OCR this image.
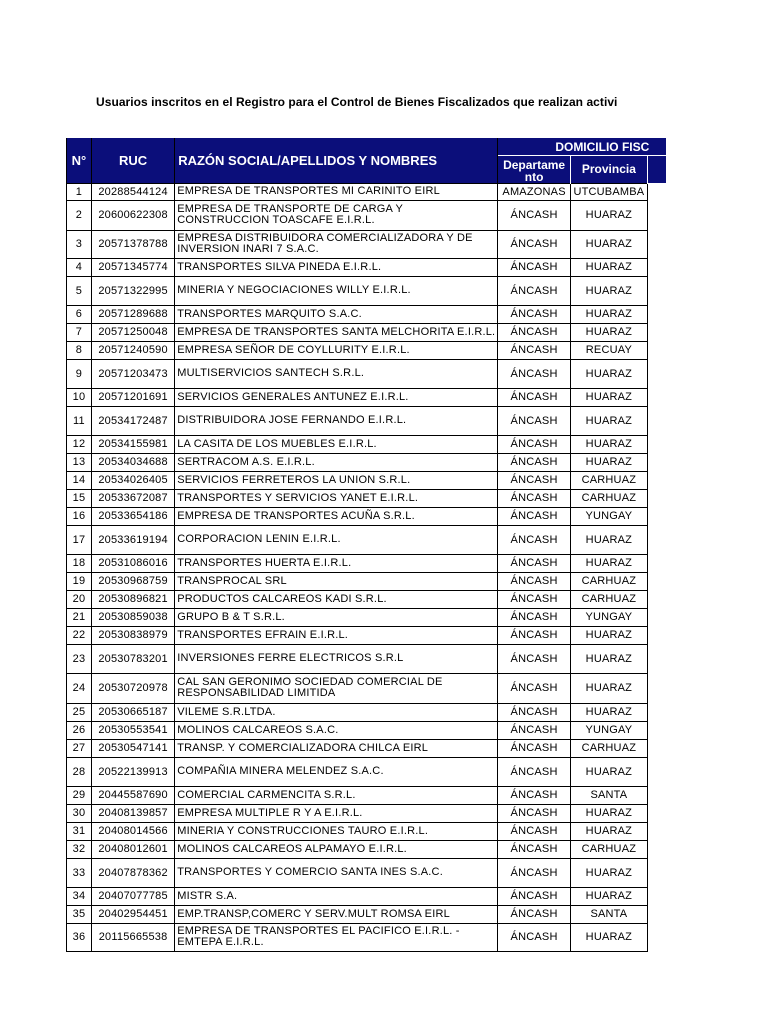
Usuarios inscritos en el Registro para el Control de Bienes Fiscalizados que realizan activi
N°	RUC	RAZÓN SOCIAL/APELLIDOS Y NOMBRES	DOMICILIO FISC		
			Departame nto	Provincia	
1	20288544124	EMPRESA DE TRANSPORTES MI CARINITO EIRL	AMAZONAS	UTCUBAMBA	
2	20600622308	EMPRESA DE TRANSPORTE DE CARGA Y CONSTRUCCION TOASCAFE E.I.R.L.	ÁNCASH	HUARAZ	
3	20571378788	EMPRESA DISTRIBUIDORA COMERCIALIZADORA Y DE INVERSION INARI 7 S.A.C.	ÁNCASH	HUARAZ	
4	20571345774	TRANSPORTES SILVA PINEDA E.I.R.L.	ÁNCASH	HUARAZ	
5	20571322995	MINERIA Y NEGOCIACIONES WILLY E.I.R.L.	ÁNCASH	HUARAZ	
6	20571289688	TRANSPORTES MARQUITO S.A.C.	ÁNCASH	HUARAZ	
7	20571250048	EMPRESA DE TRANSPORTES SANTA MELCHORITA E.I.R.L.	ÁNCASH	HUARAZ	
8	20571240590	EMPRESA SEÑOR DE COYLLURITY E.I.R.L.	ÁNCASH	RECUAY	
9	20571203473	MULTISERVICIOS SANTECH S.R.L.	ÁNCASH	HUARAZ	
10	20571201691	SERVICIOS GENERALES ANTUNEZ E.I.R.L.	ÁNCASH	HUARAZ	
11	20534172487	DISTRIBUIDORA JOSE FERNANDO E.I.R.L.	ÁNCASH	HUARAZ	
12	20534155981	LA CASITA DE LOS MUEBLES E.I.R.L.	ÁNCASH	HUARAZ	
13	20534034688	SERTRACOM A.S. E.I.R.L.	ÁNCASH	HUARAZ	
14	20534026405	SERVICIOS FERRETEROS LA UNION S.R.L.	ÁNCASH	CARHUAZ	
15	20533672087	TRANSPORTES Y SERVICIOS YANET E.I.R.L.	ÁNCASH	CARHUAZ	
16	20533654186	EMPRESA DE TRANSPORTES ACUÑA S.R.L.	ÁNCASH	YUNGAY	
17	20533619194	CORPORACION LENIN E.I.R.L.	ÁNCASH	HUARAZ	
18	20531086016	TRANSPORTES HUERTA E.I.R.L.	ÁNCASH	HUARAZ	
19	20530968759	TRANSPROCAL SRL	ÁNCASH	CARHUAZ	
20	20530896821	PRODUCTOS CALCAREOS KADI S.R.L.	ÁNCASH	CARHUAZ	
21	20530859038	GRUPO B & T S.R.L.	ÁNCASH	YUNGAY	
22	20530838979	TRANSPORTES EFRAIN E.I.R.L.	ÁNCASH	HUARAZ	
23	20530783201	INVERSIONES FERRE ELECTRICOS S.R.L	ÁNCASH	HUARAZ	
24	20530720978	CAL SAN GERONIMO SOCIEDAD COMERCIAL DE RESPONSABILIDAD LIMITIDA	ÁNCASH	HUARAZ	
25	20530665187	VILEME S.R.LTDA.	ÁNCASH	HUARAZ	
26	20530553541	MOLINOS CALCAREOS S.A.C.	ÁNCASH	YUNGAY	
27	20530547141	TRANSP. Y COMERCIALIZADORA CHILCA EIRL	ÁNCASH	CARHUAZ	
28	20522139913	COMPAÑIA MINERA MELENDEZ S.A.C.	ÁNCASH	HUARAZ	
29	20445587690	COMERCIAL CARMENCITA S.R.L.	ÁNCASH	SANTA	
30	20408139857	EMPRESA MULTIPLE R Y A E.I.R.L.	ÁNCASH	HUARAZ	
31	20408014566	MINERIA Y CONSTRUCCIONES TAURO E.I.R.L.	ÁNCASH	HUARAZ	
32	20408012601	MOLINOS CALCAREOS ALPAMAYO E.I.R.L.	ÁNCASH	CARHUAZ	
33	20407878362	TRANSPORTES Y COMERCIO SANTA INES S.A.C.	ÁNCASH	HUARAZ	
34	20407077785	MISTR S.A.	ÁNCASH	HUARAZ	
35	20402954451	EMP.TRANSP,COMERC Y SERV.MULT ROMSA EIRL	ÁNCASH	SANTA	
36	20115665538	EMPRESA DE TRANSPORTES EL PACIFICO E.I.R.L. - EMTEPA E.I.R.L.	ÁNCASH	HUARAZ	
